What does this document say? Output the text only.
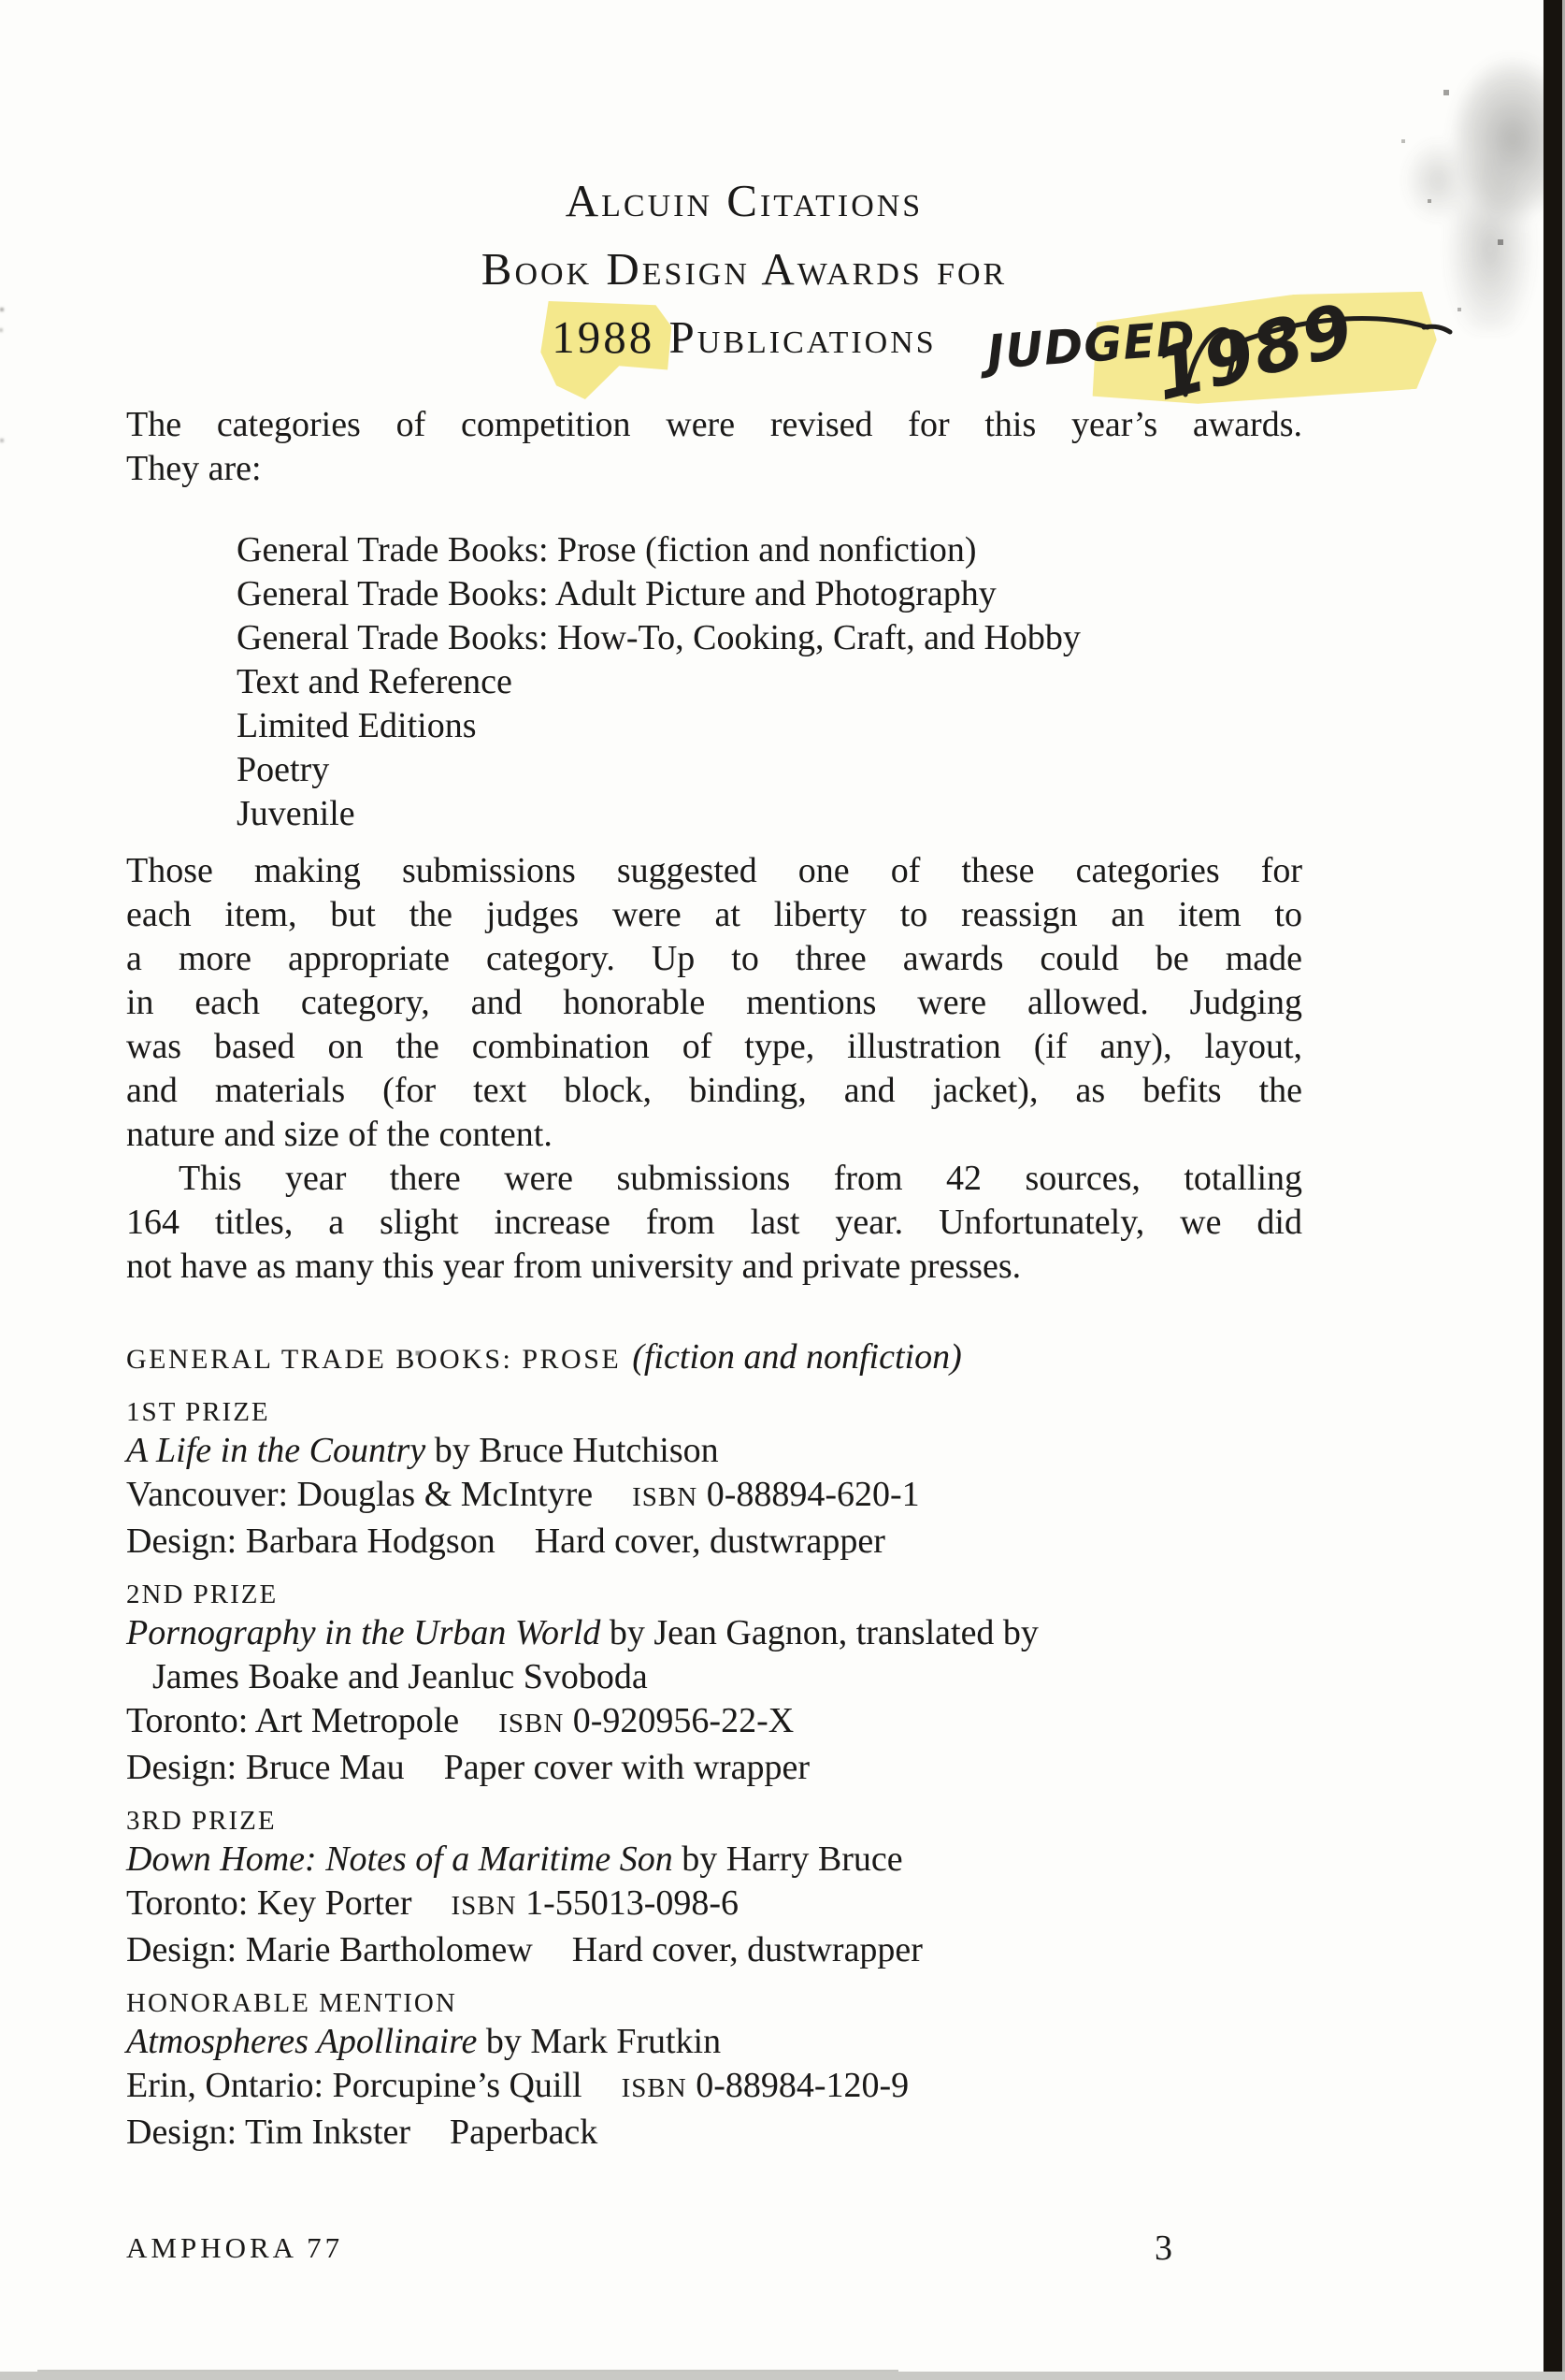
Alcuin Citations
Book Design Awards for
1988 Publications
The categories of competition were revised for this year’s awards.
They are:
General Trade Books: Prose (fiction and nonfiction)
General Trade Books: Adult Picture and Photography
General Trade Books: How-To, Cooking, Craft, and Hobby
Text and Reference
Limited Editions
Poetry
Juvenile
Those making submissions suggested one of these categories for
each item, but the judges were at liberty to reassign an item to
a more appropriate category. Up to three awards could be made
in each category, and honorable mentions were allowed. Judging
was based on the combination of type, illustration (if any), layout,
and materials (for text block, binding, and jacket), as befits the
nature and size of the content.
This year there were submissions from 42 sources, totalling
164 titles, a slight increase from last year. Unfortunately, we did
not have as many this year from university and private presses.
GENERAL TRADE BOOKS: PROSE (fiction and nonfiction)
1ST PRIZE
A Life in the Country by Bruce Hutchison
Vancouver: Douglas & McIntyre ISBN 0-88894-620-1
Design: Barbara Hodgson Hard cover, dustwrapper
2ND PRIZE
Pornography in the Urban World by Jean Gagnon, translated by
James Boake and Jeanluc Svoboda
Toronto: Art Metropole ISBN 0-920956-22-X
Design: Bruce Mau Paper cover with wrapper
3RD PRIZE
Down Home: Notes of a Maritime Son by Harry Bruce
Toronto: Key Porter ISBN 1-55013-098-6
Design: Marie Bartholomew Hard cover, dustwrapper
HONORABLE MENTION
Atmospheres Apollinaire by Mark Frutkin
Erin, Ontario: Porcupine’s Quill ISBN 0-88984-120-9
Design: Tim Inkster Paperback
JUDGED
1989
AMPHORA 77	3
